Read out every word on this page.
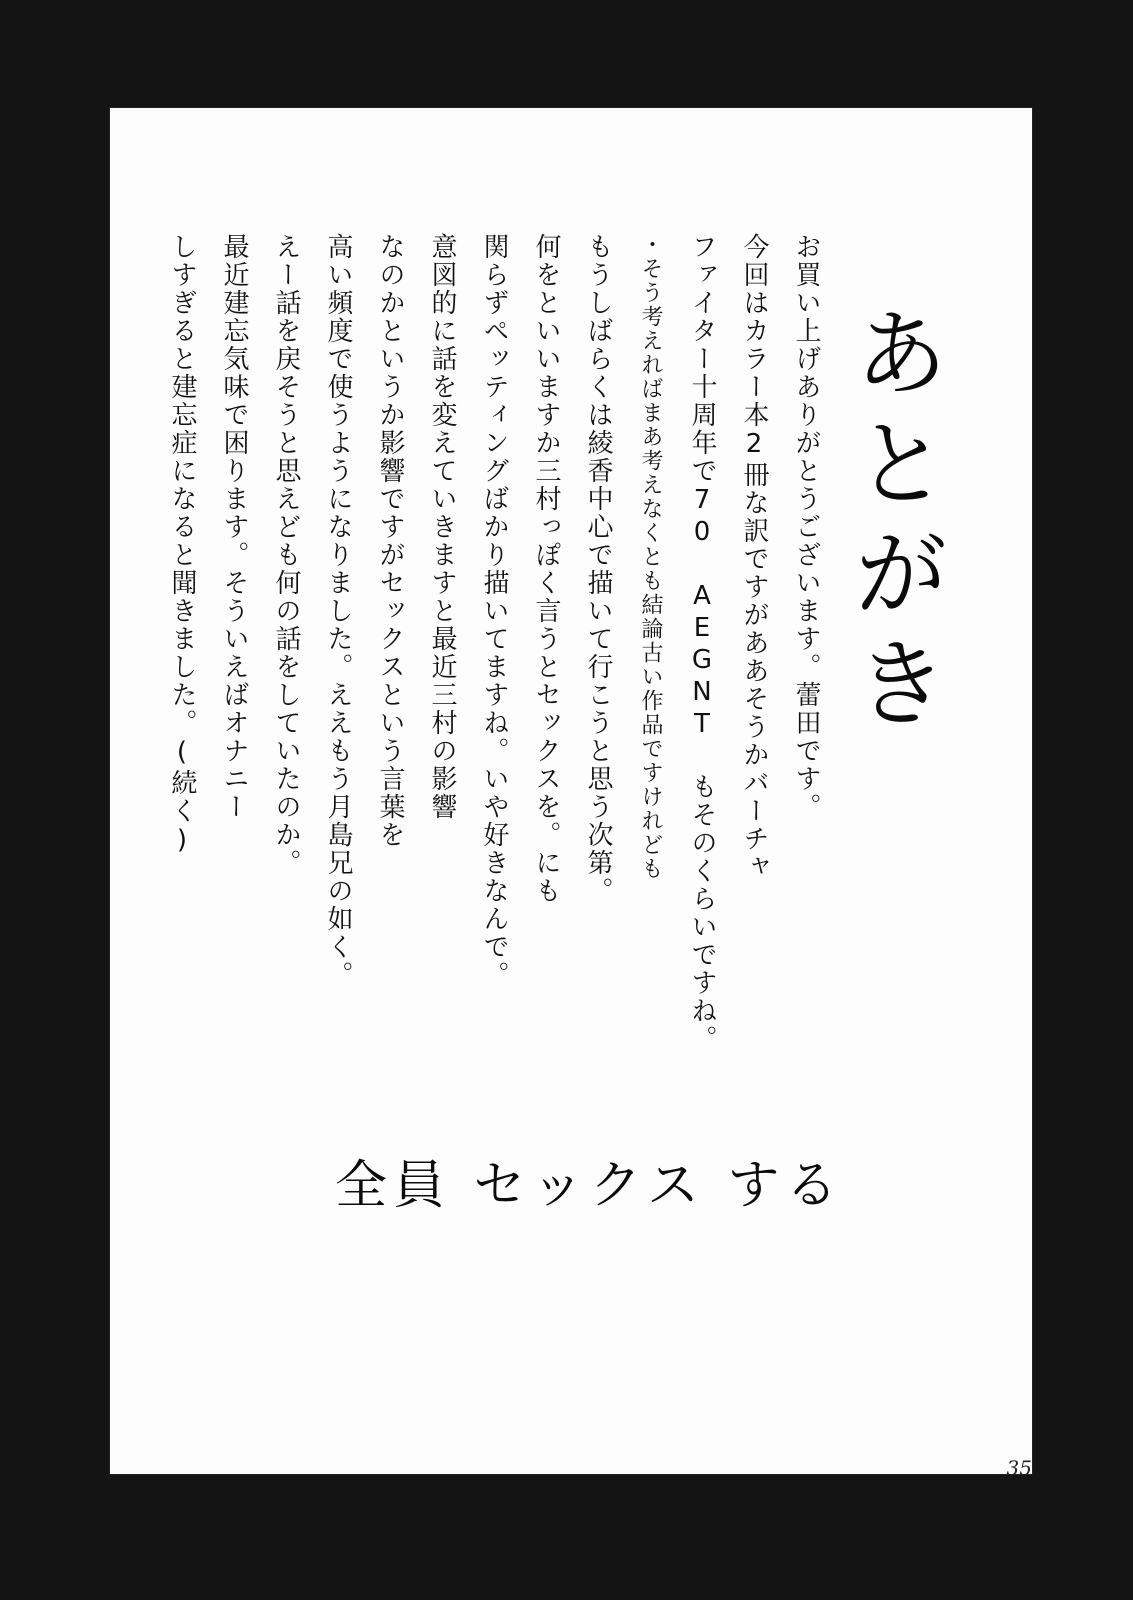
あとがき

お買い上げありがとうございます。蕾田です。

今回はカラー本2冊な訳ですがああそうかバーチャ

ファイター十周年で70 AEGNT もそのくらいですね。

・そう考えればまあ考えなくとも結論古い作品ですけれども

もうしばらくは綾香中心で描いて行こうと思う次第。

何をといいますか三村っぽく言うとセックスを。にも

関らずペッティングばかり描いてますね。いや好きなんで。

意図的に話を変えていきますと最近三村の影響

なのかというか影響ですがセックスという言葉を

高い頻度で使うようになりました。ええもう月島兄の如く。

えー話を戻そうと思えども何の話をしていたのか。

最近建忘気味で困ります。そういえばオナニー

しすぎると建忘症になると聞きました。(続く)

全員 セックス する
35
